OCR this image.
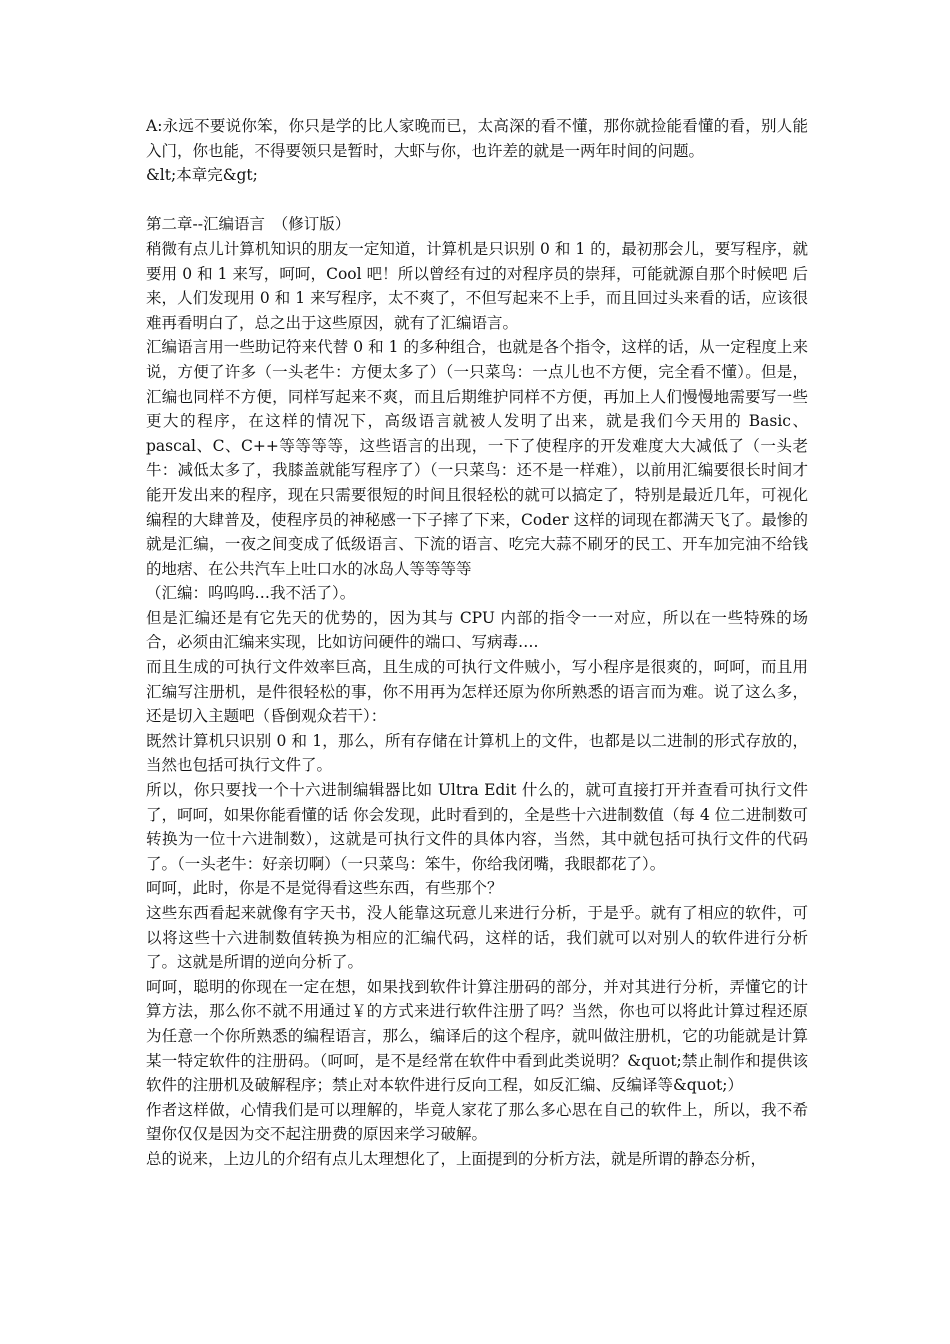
A:永远不要说你笨，你只是学的比人家晚而已，太高深的看不懂，那你就捡能看懂的看，别人能入门，你也能，不得要领只是暂时，大虾与你，也许差的就是一两年时间的问题。

&lt;本章完&gt;

第二章--汇编语言　（修订版）

稍微有点儿计算机知识的朋友一定知道，计算机是只识别 0 和 1 的，最初那会儿，要写程序，就要用 0 和 1 来写，呵呵，Cool 吧！所以曾经有过的对程序员的崇拜，可能就源自那个时候吧 后来，人们发现用 0 和 1 来写程序，太不爽了，不但写起来不上手，而且回过头来看的话，应该很难再看明白了，总之出于这些原因，就有了汇编语言。

汇编语言用一些助记符来代替 0 和 1 的多种组合，也就是各个指令，这样的话，从一定程度上来说，方便了许多（一头老牛：方便太多了）（一只菜鸟：一点儿也不方便，完全看不懂）。但是，汇编也同样不方便，同样写起来不爽，而且后期维护同样不方便，再加上人们慢慢地需要写一些更大的程序，在这样的情况下，高级语言就被人发明了出来，就是我们今天用的 Basic、pascal、C、C++等等等等，这些语言的出现，一下了使程序的开发难度大大减低了（一头老牛：减低太多了，我膝盖就能写程序了）（一只菜鸟：还不是一样难），以前用汇编要很长时间才能开发出来的程序，现在只需要很短的时间且很轻松的就可以搞定了，特别是最近几年，可视化编程的大肆普及，使程序员的神秘感一下子摔了下来，Coder 这样的词现在都满天飞了。最惨的就是汇编，一夜之间变成了低级语言、下流的语言、吃完大蒜不刷牙的民工、开车加完油不给钱的地痞、在公共汽车上吐口水的冰岛人等等等等

（汇编：呜呜呜…我不活了）。

但是汇编还是有它先天的优势的，因为其与 CPU 内部的指令一一对应，所以在一些特殊的场合，必须由汇编来实现，比如访问硬件的端口、写病毒….

而且生成的可执行文件效率巨高，且生成的可执行文件贼小，写小程序是很爽的，呵呵，而且用汇编写注册机，是件很轻松的事，你不用再为怎样还原为你所熟悉的语言而为难。说了这么多，还是切入主题吧（昏倒观众若干）：

既然计算机只识别 0 和 1，那么，所有存储在计算机上的文件，也都是以二进制的形式存放的，当然也包括可执行文件了。

所以，你只要找一个十六进制编辑器比如 Ultra Edit 什么的，就可直接打开并查看可执行文件了，呵呵，如果你能看懂的话 你会发现，此时看到的，全是些十六进制数值（每 4 位二进制数可转换为一位十六进制数），这就是可执行文件的具体内容，当然，其中就包括可执行文件的代码了。（一头老牛：好亲切啊）（一只菜鸟：笨牛，你给我闭嘴，我眼都花了）。

呵呵，此时，你是不是觉得看这些东西，有些那个？

这些东西看起来就像有字天书，没人能靠这玩意儿来进行分析，于是乎。就有了相应的软件，可以将这些十六进制数值转换为相应的汇编代码，这样的话，我们就可以对别人的软件进行分析了。这就是所谓的逆向分析了。

呵呵，聪明的你现在一定在想，如果找到软件计算注册码的部分，并对其进行分析，弄懂它的计算方法，那么你不就不用通过￥的方式来进行软件注册了吗？当然，你也可以将此计算过程还原为任意一个你所熟悉的编程语言，那么，编译后的这个程序，就叫做注册机，它的功能就是计算某一特定软件的注册码。（呵呵，是不是经常在软件中看到此类说明？&quot;禁止制作和提供该软件的注册机及破解程序；禁止对本软件进行反向工程，如反汇编、反编译等&quot;）

作者这样做，心情我们是可以理解的，毕竟人家花了那么多心思在自己的软件上，所以，我不希望你仅仅是因为交不起注册费的原因来学习破解。

总的说来，上边儿的介绍有点儿太理想化了，上面提到的分析方法，就是所谓的静态分析，
